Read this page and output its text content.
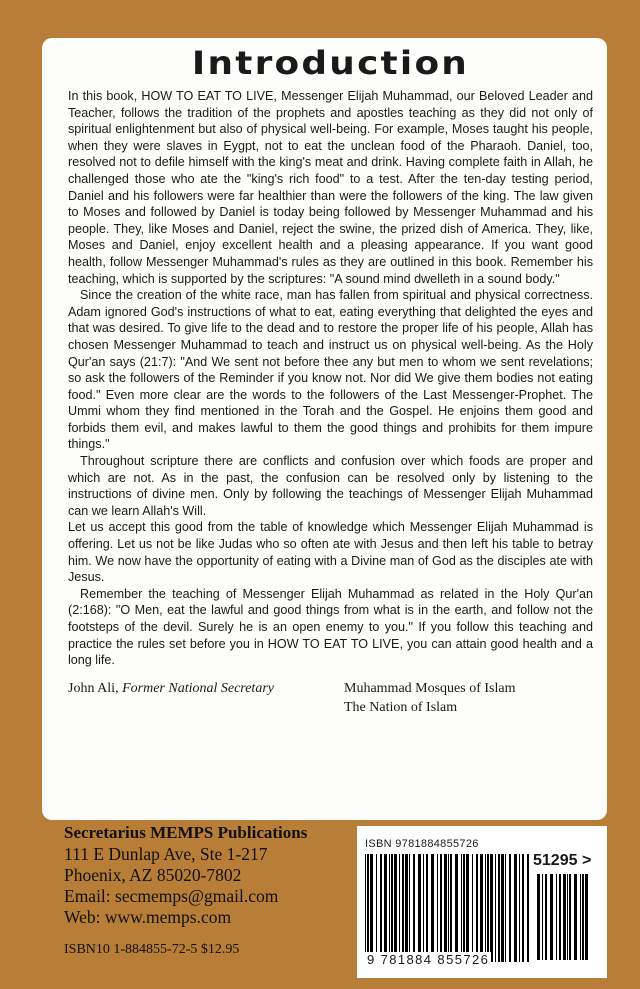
Introduction

In this book, HOW TO EAT TO LIVE, Messenger Elijah Muhammad, our Beloved Leader and Teacher, follows the tradition of the prophets and apostles teaching as they did not only of spiritual enlightenment but also of physical well-being. For example, Moses taught his people, when they were slaves in Eygpt, not to eat the unclean food of the Pharaoh. Daniel, too, resolved not to defile himself with the king's meat and drink. Having complete faith in Allah, he challenged those who ate the "king's rich food" to a test. After the ten-day testing period, Daniel and his followers were far healthier than were the followers of the king. The law given to Moses and followed by Daniel is today being followed by Messenger Muhammad and his people. They, like Moses and Daniel, reject the swine, the prized dish of America. They, like, Moses and Daniel, enjoy excellent health and a pleasing appearance. If you want good health, follow Messenger Muhammad's rules as they are outlined in this book. Remember his teaching, which is supported by the scriptures: "A sound mind dwelleth in a sound body."

Since the creation of the white race, man has fallen from spiritual and physical correctness. Adam ignored God's instructions of what to eat, eating everything that delighted the eyes and that was desired. To give life to the dead and to restore the proper life of his people, Allah has chosen Messenger Muhammad to teach and instruct us on physical well-being. As the Holy Qur'an says (21:7): "And We sent not before thee any but men to whom we sent revelations; so ask the followers of the Reminder if you know not. Nor did We give them bodies not eating food." Even more clear are the words to the followers of the Last Messenger-Prophet. The Ummi whom they find mentioned in the Torah and the Gospel. He enjoins them good and forbids them evil, and makes lawful to them the good things and prohibits for them impure things."

Throughout scripture there are conflicts and confusion over which foods are proper and which are not. As in the past, the confusion can be resolved only by listening to the instructions of divine men. Only by following the teachings of Messenger Elijah Muhammad can we learn Allah's Will.

Let us accept this good from the table of knowledge which Messenger Elijah Muhammad is offering. Let us not be like Judas who so often ate with Jesus and then left his table to betray him. We now have the opportunity of eating with a Divine man of God as the disciples ate with Jesus.

Remember the teaching of Messenger Elijah Muhammad as related in the Holy Qur'an (2:168): "O Men, eat the lawful and good things from what is in the earth, and follow not the footsteps of the devil. Surely he is an open enemy to you." If you follow this teaching and practice the rules set before you in HOW TO EAT TO LIVE, you can attain good health and a long life.

John Ali, Former National Secretary	Muhammad Mosques of Islam
The Nation of Islam
Secretarius MEMPS Publications
111 E Dunlap Ave, Ste 1-217
Phoenix, AZ 85020-7802
Email: secmemps@gmail.com
Web: www.memps.com
ISBN10 1-884855-72-5 $12.95
ISBN 9781884855726
51295 >
9 781884 855726
